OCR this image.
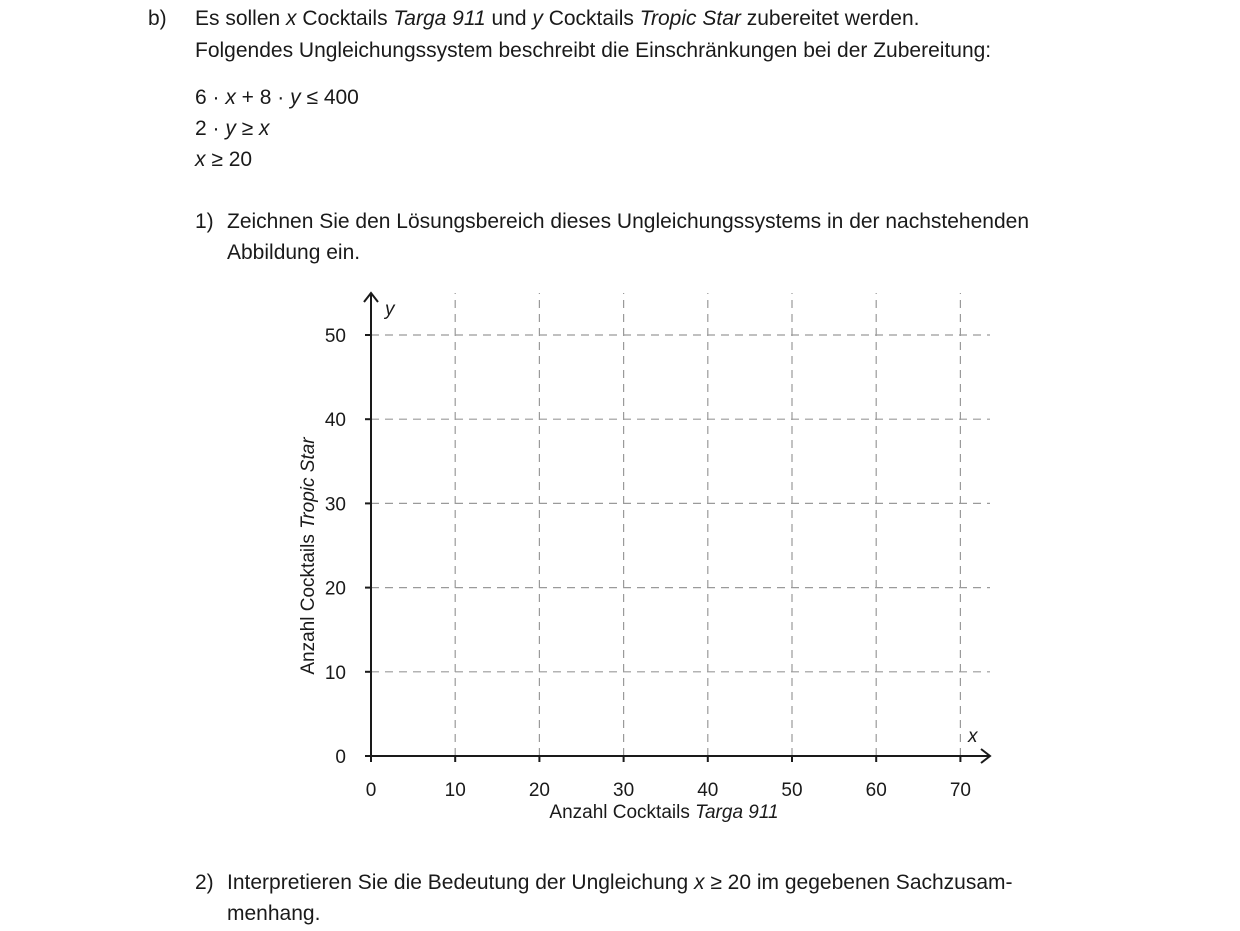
b) Es sollen x Cocktails Targa 911 und y Cocktails Tropic Star zubereitet werden.
Folgendes Ungleichungssystem beschreibt die Einschränkungen bei der Zubereitung:
6 · x + 8 · y ≤ 400
2 · y ≥ x
x ≥ 20
1) Zeichnen Sie den Lösungsbereich dieses Ungleichungssystems in der nachstehenden
Abbildung ein.
0	10	20	30	40	50	60	70
0
10
20
30
40
50
x
y
Anzahl Cocktails Targa 911
Anzahl Cocktails Tropic Star
2) Interpretieren Sie die Bedeutung der Ungleichung x ≥ 20 im gegebenen Sachzusam-
menhang.
